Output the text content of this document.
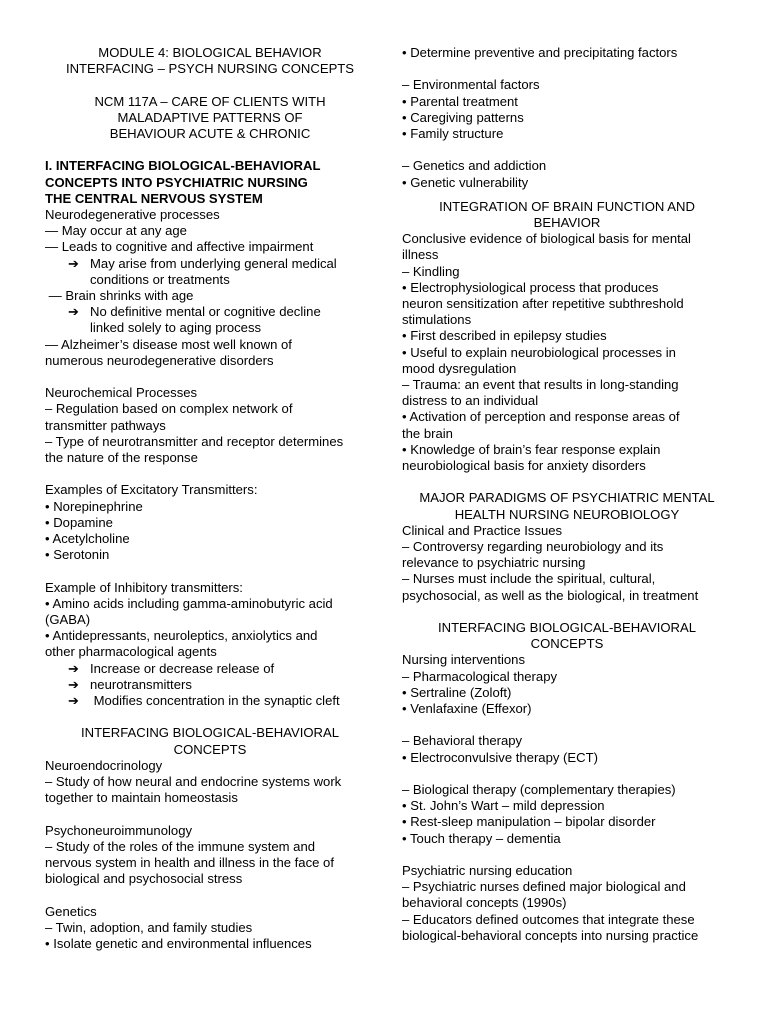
MODULE 4: BIOLOGICAL BEHAVIOR
INTERFACING – PSYCH NURSING CONCEPTS
NCM 117A – CARE OF CLIENTS WITH
MALADAPTIVE PATTERNS OF
BEHAVIOUR ACUTE & CHRONIC
I. INTERFACING BIOLOGICAL-BEHAVIORAL
CONCEPTS INTO PSYCHIATRIC NURSING
THE CENTRAL NERVOUS SYSTEM
Neurodegenerative processes
— May occur at any age
— Leads to cognitive and affective impairment
➔ May arise from underlying general medical
conditions or treatments
— Brain shrinks with age
➔ No definitive mental or cognitive decline
linked solely to aging process
— Alzheimer’s disease most well known of
numerous neurodegenerative disorders
Neurochemical Processes
– Regulation based on complex network of
transmitter pathways
– Type of neurotransmitter and receptor determines
the nature of the response
Examples of Excitatory Transmitters:
• Norepinephrine
• Dopamine
• Acetylcholine
• Serotonin
Example of Inhibitory transmitters:
• Amino acids including gamma-aminobutyric acid
(GABA)
• Antidepressants, neuroleptics, anxiolytics and
other pharmacological agents
➔ Increase or decrease release of
➔ neurotransmitters
➔ Modifies concentration in the synaptic cleft
INTERFACING BIOLOGICAL-BEHAVIORAL
CONCEPTS
Neuroendocrinology
– Study of how neural and endocrine systems work
together to maintain homeostasis
Psychoneuroimmunology
– Study of the roles of the immune system and
nervous system in health and illness in the face of
biological and psychosocial stress
Genetics
– Twin, adoption, and family studies
• Isolate genetic and environmental influences
• Determine preventive and precipitating factors
– Environmental factors
• Parental treatment
• Caregiving patterns
• Family structure
– Genetics and addiction
• Genetic vulnerability
INTEGRATION OF BRAIN FUNCTION AND
BEHAVIOR
Conclusive evidence of biological basis for mental
illness
– Kindling
• Electrophysiological process that produces
neuron sensitization after repetitive subthreshold
stimulations
• First described in epilepsy studies
• Useful to explain neurobiological processes in
mood dysregulation
– Trauma: an event that results in long-standing
distress to an individual
• Activation of perception and response areas of
the brain
• Knowledge of brain’s fear response explain
neurobiological basis for anxiety disorders
MAJOR PARADIGMS OF PSYCHIATRIC MENTAL
HEALTH NURSING NEUROBIOLOGY
Clinical and Practice Issues
– Controversy regarding neurobiology and its
relevance to psychiatric nursing
– Nurses must include the spiritual, cultural,
psychosocial, as well as the biological, in treatment
INTERFACING BIOLOGICAL-BEHAVIORAL
CONCEPTS
Nursing interventions
– Pharmacological therapy
• Sertraline (Zoloft)
• Venlafaxine (Effexor)
– Behavioral therapy
• Electroconvulsive therapy (ECT)
– Biological therapy (complementary therapies)
• St. John’s Wart – mild depression
• Rest-sleep manipulation – bipolar disorder
• Touch therapy – dementia
Psychiatric nursing education
– Psychiatric nurses defined major biological and
behavioral concepts (1990s)
– Educators defined outcomes that integrate these
biological-behavioral concepts into nursing practice
